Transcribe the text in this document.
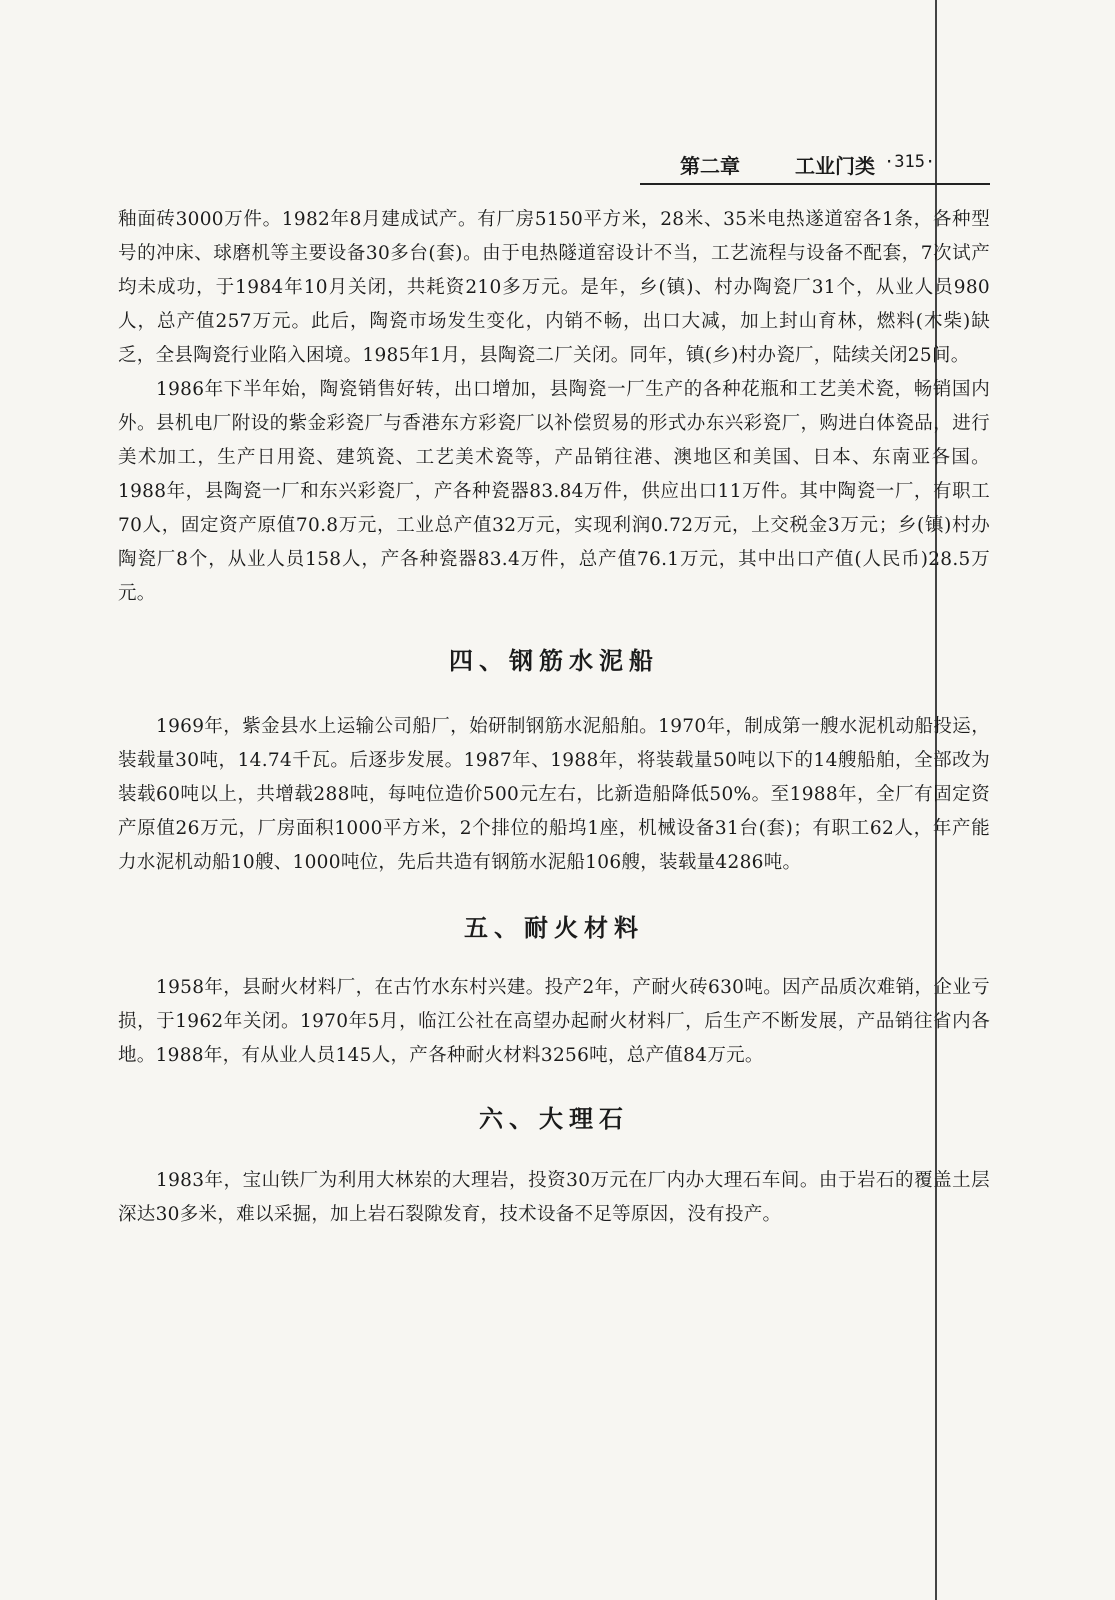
第二章	工业门类 ·315·

釉面砖3000万件。1982年8月建成试产。有厂房5150平方米，28米、35米电热遂道窑各1条，各种型号的冲床、球磨机等主要设备30多台(套)。由于电热隧道窑设计不当，工艺流程与设备不配套，7次试产均未成功，于1984年10月关闭，共耗资210多万元。是年，乡(镇)、村办陶瓷厂31个，从业人员980人，总产值257万元。此后，陶瓷市场发生变化，内销不畅，出口大减，加上封山育林，燃料(木柴)缺乏，全县陶瓷行业陷入困境。1985年1月，县陶瓷二厂关闭。同年，镇(乡)村办瓷厂，陆续关闭25间。

1986年下半年始，陶瓷销售好转，出口增加，县陶瓷一厂生产的各种花瓶和工艺美术瓷，畅销国内外。县机电厂附设的紫金彩瓷厂与香港东方彩瓷厂以补偿贸易的形式办东兴彩瓷厂，购进白体瓷品，进行美术加工，生产日用瓷、建筑瓷、工艺美术瓷等，产品销往港、澳地区和美国、日本、东南亚各国。1988年，县陶瓷一厂和东兴彩瓷厂，产各种瓷器83.84万件，供应出口11万件。其中陶瓷一厂，有职工70人，固定资产原值70.8万元，工业总产值32万元，实现利润0.72万元，上交税金3万元；乡(镇)村办陶瓷厂8个，从业人员158人，产各种瓷器83.4万件，总产值76.1万元，其中出口产值(人民币)28.5万元。

四、钢筋水泥船

1969年，紫金县水上运输公司船厂，始研制钢筋水泥船舶。1970年，制成第一艘水泥机动船投运，装载量30吨，14.74千瓦。后逐步发展。1987年、1988年，将装载量50吨以下的14艘船舶，全部改为装载60吨以上，共增载288吨，每吨位造价500元左右，比新造船降低50%。至1988年，全厂有固定资产原值26万元，厂房面积1000平方米，2个排位的船坞1座，机械设备31台(套)；有职工62人，年产能力水泥机动船10艘、1000吨位，先后共造有钢筋水泥船106艘，装载量4286吨。

五、耐火材料

1958年，县耐火材料厂，在古竹水东村兴建。投产2年，产耐火砖630吨。因产品质次难销，企业亏损，于1962年关闭。1970年5月，临江公社在高望办起耐火材料厂，后生产不断发展，产品销往省内各地。1988年，有从业人员145人，产各种耐火材料3256吨，总产值84万元。

六、大理石

1983年，宝山铁厂为利用大林岽的大理岩，投资30万元在厂内办大理石车间。由于岩石的覆盖土层深达30多米，难以采掘，加上岩石裂隙发育，技术设备不足等原因，没有投产。
